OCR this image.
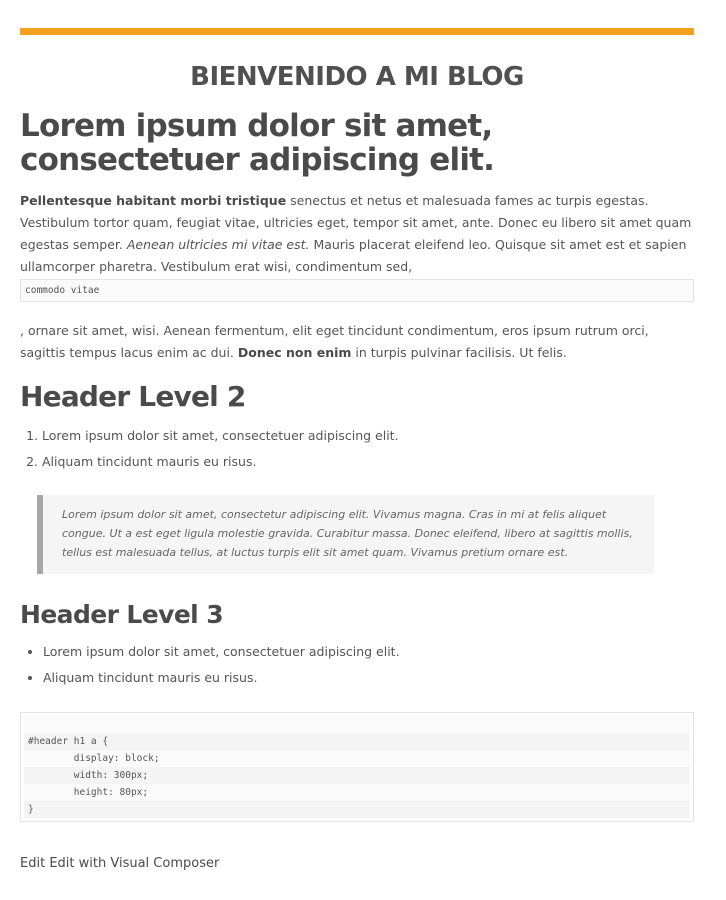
BIENVENIDO A MI BLOG
Lorem ipsum dolor sit amet, consectetuer adipiscing elit.

Pellentesque habitant morbi tristique senectus et netus et malesuada fames ac turpis egestas. Vestibulum tortor quam, feugiat vitae, ultricies eget, tempor sit amet, ante. Donec eu libero sit amet quam egestas semper. Aenean ultricies mi vitae est. Mauris placerat eleifend leo. Quisque sit amet est et sapien ullamcorper pharetra. Vestibulum erat wisi, condimentum sed,

commodo vitae

, ornare sit amet, wisi. Aenean fermentum, elit eget tincidunt condimentum, eros ipsum rutrum orci, sagittis tempus lacus enim ac dui. Donec non enim in turpis pulvinar facilisis. Ut felis.

Header Level 2
1. Lorem ipsum dolor sit amet, consectetuer adipiscing elit.
2. Aliquam tincidunt mauris eu risus.
Lorem ipsum dolor sit amet, consectetur adipiscing elit. Vivamus magna. Cras in mi at felis aliquet congue. Ut a est eget ligula molestie gravida. Curabitur massa. Donec eleifend, libero at sagittis mollis, tellus est malesuada tellus, at luctus turpis elit sit amet quam. Vivamus pretium ornare est.
Header Level 3
• Lorem ipsum dolor sit amet, consectetuer adipiscing elit.
• Aliquam tincidunt mauris eu risus.
#header h1 a {
display: block;
width: 300px;
height: 80px;
}
Edit Edit with Visual Composer
